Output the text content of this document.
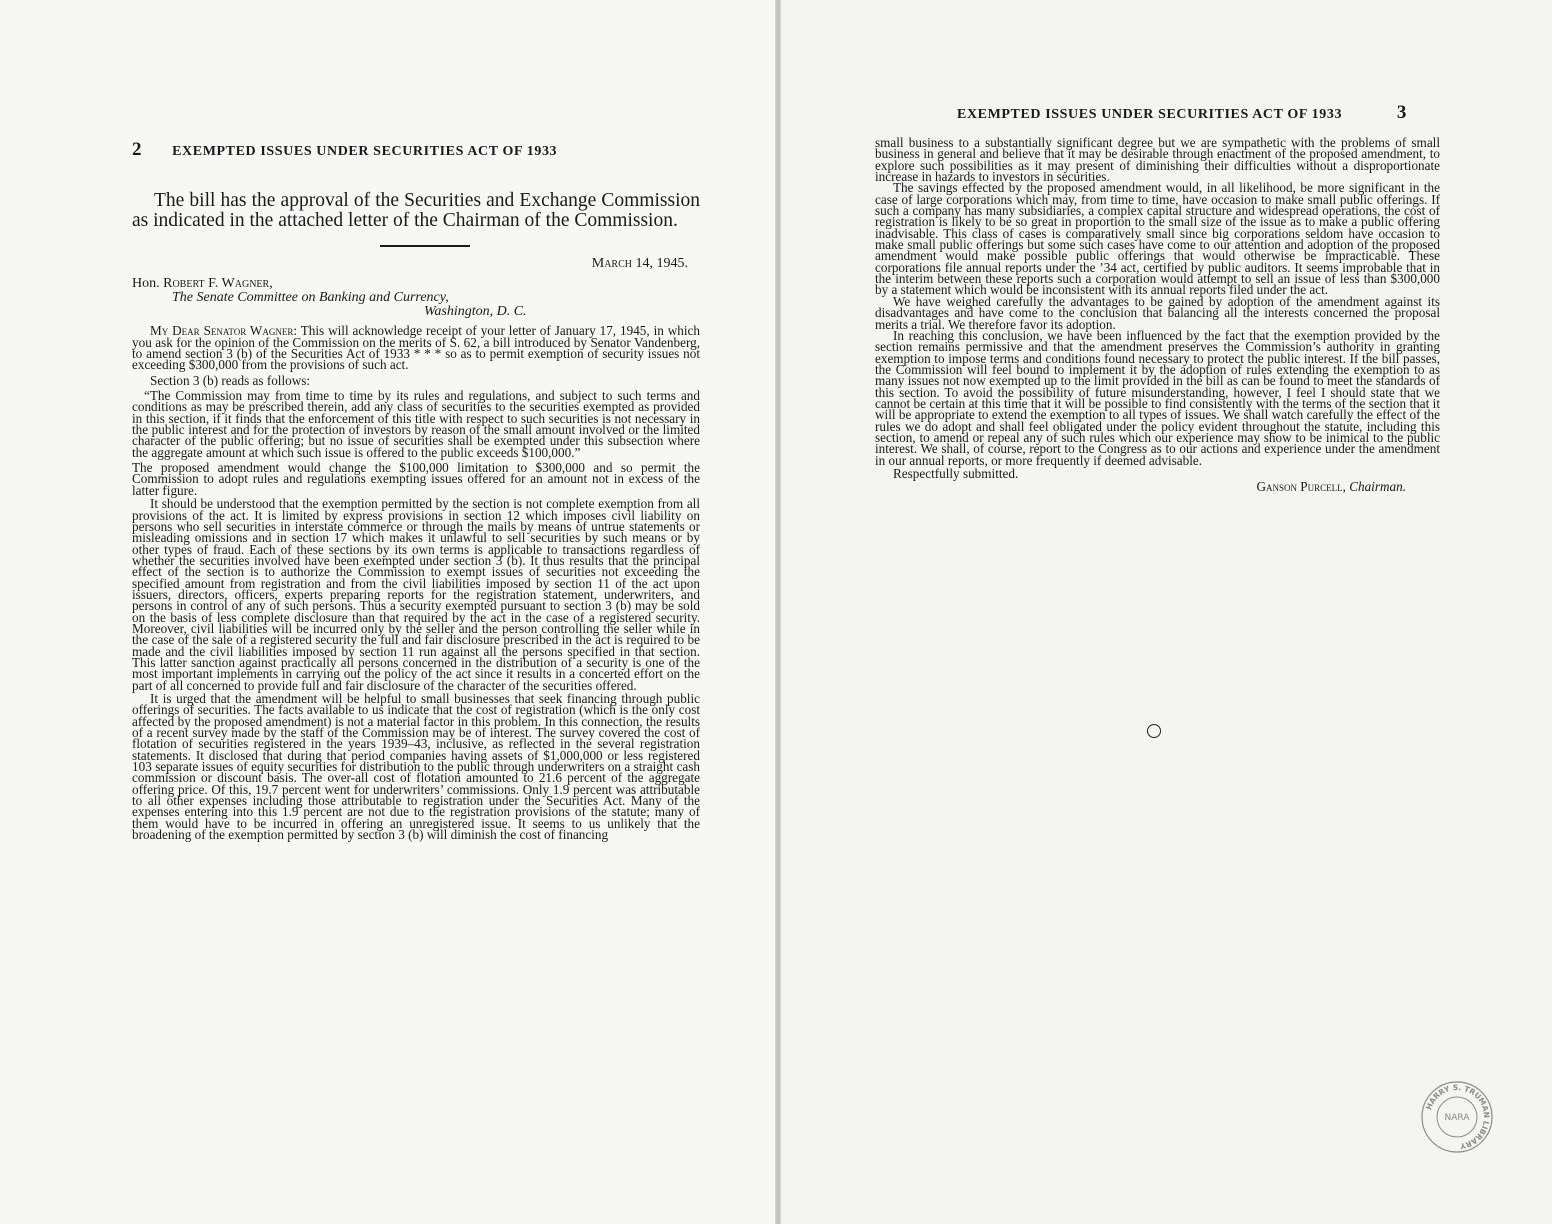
2 EXEMPTED ISSUES UNDER SECURITIES ACT OF 1933
The bill has the approval of the Securities and Exchange Commission as indicated in the attached letter of the Chairman of the Commission.
March 14, 1945.
Hon. Robert F. Wagner,
The Senate Committee on Banking and Currency,
Washington, D. C.

My Dear Senator Wagner: This will acknowledge receipt of your letter of January 17, 1945, in which you ask for the opinion of the Commission on the merits of S. 62, a bill introduced by Senator Vandenberg, to amend section 3 (b) of the Securities Act of 1933 * * * so as to permit exemption of security issues not exceeding $300,000 from the provisions of such act.

Section 3 (b) reads as follows:

“The Commission may from time to time by its rules and regulations, and subject to such terms and conditions as may be prescribed therein, add any class of securities to the securities exempted as provided in this section, if it finds that the enforcement of this title with respect to such securities is not necessary in the public interest and for the protection of investors by reason of the small amount involved or the limited character of the public offering; but no issue of securities shall be exempted under this subsection where the aggregate amount at which such issue is offered to the public exceeds $100,000.”

The proposed amendment would change the $100,000 limitation to $300,000 and so permit the Commission to adopt rules and regulations exempting issues offered for an amount not in excess of the latter figure.

It should be understood that the exemption permitted by the section is not complete exemption from all provisions of the act. It is limited by express provisions in section 12 which imposes civil liability on persons who sell securities in interstate commerce or through the mails by means of untrue statements or misleading omissions and in section 17 which makes it unlawful to sell securities by such means or by other types of fraud. Each of these sections by its own terms is applicable to transactions regardless of whether the securities involved have been exempted under section 3 (b). It thus results that the principal effect of the section is to authorize the Commission to exempt issues of securities not exceeding the specified amount from registration and from the civil liabilities imposed by section 11 of the act upon issuers, directors, officers, experts preparing reports for the registration statement, underwriters, and persons in control of any of such persons. Thus a security exempted pursuant to section 3 (b) may be sold on the basis of less complete disclosure than that required by the act in the case of a registered security. Moreover, civil liabilities will be incurred only by the seller and the person controlling the seller while in the case of the sale of a registered security the full and fair disclosure prescribed in the act is required to be made and the civil liabilities imposed by section 11 run against all the persons specified in that section. This latter sanction against practically all persons concerned in the distribution of a security is one of the most important implements in carrying out the policy of the act since it results in a concerted effort on the part of all concerned to provide full and fair disclosure of the character of the securities offered.

It is urged that the amendment will be helpful to small businesses that seek financing through public offerings of securities. The facts available to us indicate that the cost of registration (which is the only cost affected by the proposed amendment) is not a material factor in this problem. In this connection, the results of a recent survey made by the staff of the Commission may be of interest. The survey covered the cost of flotation of securities registered in the years 1939–43, inclusive, as reflected in the several registration statements. It disclosed that during that period companies having assets of $1,000,000 or less registered 103 separate issues of equity securities for distribution to the public through underwriters on a straight cash commission or discount basis. The over-all cost of flotation amounted to 21.6 percent of the aggregate offering price. Of this, 19.7 percent went for underwriters’ commissions. Only 1.9 percent was attributable to all other expenses including those attributable to registration under the Securities Act. Many of the expenses entering into this 1.9 percent are not due to the registration provisions of the statute; many of them would have to be incurred in offering an unregistered issue. It seems to us unlikely that the broadening of the exemption permitted by section 3 (b) will diminish the cost of financing

EXEMPTED ISSUES UNDER SECURITIES ACT OF 1933	3

small business to a substantially significant degree but we are sympathetic with the problems of small business in general and believe that it may be desirable through enactment of the proposed amendment, to explore such possibilities as it may present of diminishing their difficulties without a disproportionate increase in hazards to investors in securities.

The savings effected by the proposed amendment would, in all likelihood, be more significant in the case of large corporations which may, from time to time, have occasion to make small public offerings. If such a company has many subsidiaries, a complex capital structure and widespread operations, the cost of registration is likely to be so great in proportion to the small size of the issue as to make a public offering inadvisable. This class of cases is comparatively small since big corporations seldom have occasion to make small public offerings but some such cases have come to our attention and adoption of the proposed amendment would make possible public offerings that would otherwise be impracticable. These corporations file annual reports under the ’34 act, certified by public auditors. It seems improbable that in the interim between these reports such a corporation would attempt to sell an issue of less than $300,000 by a statement which would be inconsistent with its annual reports filed under the act.

We have weighed carefully the advantages to be gained by adoption of the amendment against its disadvantages and have come to the conclusion that balancing all the interests concerned the proposal merits a trial. We therefore favor its adoption.

In reaching this conclusion, we have been influenced by the fact that the exemption provided by the section remains permissive and that the amendment preserves the Commission’s authority in granting exemption to impose terms and conditions found necessary to protect the public interest. If the bill passes, the Commission will feel bound to implement it by the adoption of rules extending the exemption to as many issues not now exempted up to the limit provided in the bill as can be found to meet the standards of this section. To avoid the possibility of future misunderstanding, however, I feel I should state that we cannot be certain at this time that it will be possible to find consistently with the terms of the section that it will be appropriate to extend the exemption to all types of issues. We shall watch carefully the effect of the rules we do adopt and shall feel obligated under the policy evident throughout the statute, including this section, to amend or repeal any of such rules which our experience may show to be inimical to the public interest. We shall, of course, report to the Congress as to our actions and experience under the amendment in our annual reports, or more frequently if deemed advisable.

Respectfully submitted.

Ganson Purcell, Chairman.
HARRY S. TRUMAN LIBRARY
NARA
